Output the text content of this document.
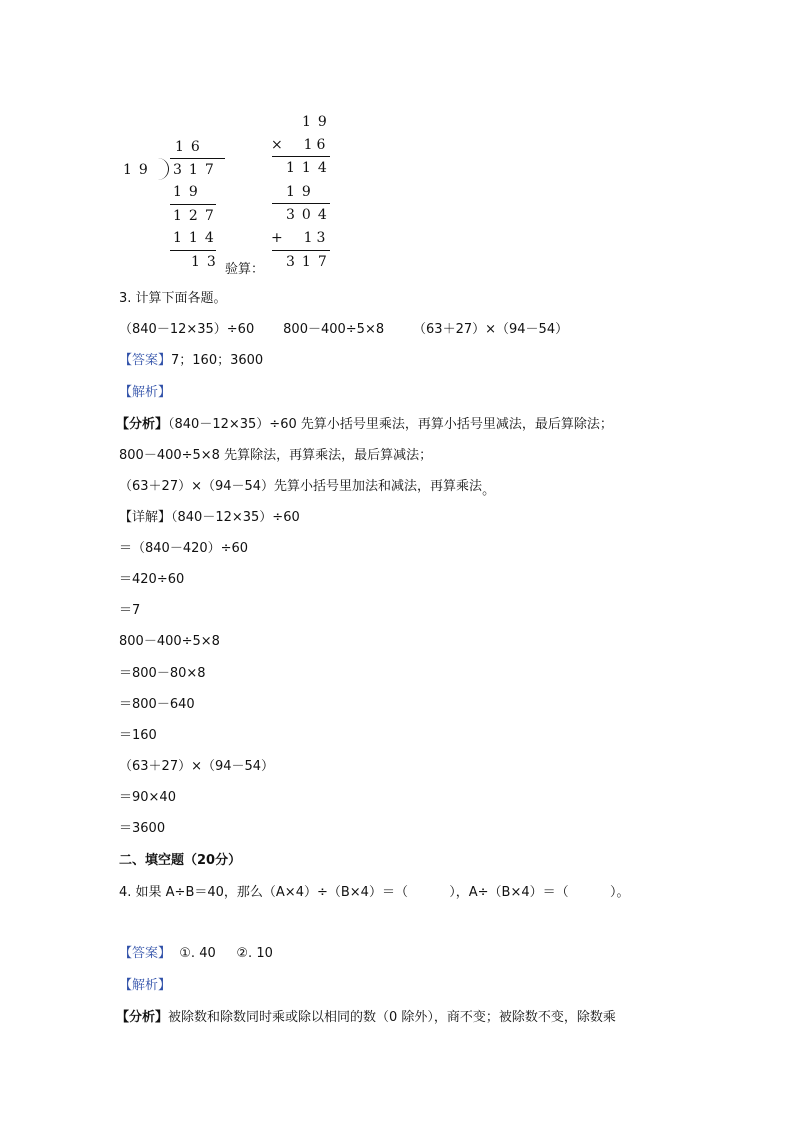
16
19 317
19
127
114
13 验算：
19
×  16
114
19
304
+  13
317
3. 计算下面各题。
（840－12×35）÷60       800－400÷5×8       （63＋27）×（94－54）
【答案】7；160；3600
【解析】
【分析】（840－12×35）÷60 先算小括号里乘法，再算小括号里减法，最后算除法；
800－400÷5×8 先算除法，再算乘法，最后算减法；
（63＋27）×（94－54）先算小括号里加法和减法，再算乘法。
【详解】（840－12×35）÷60
＝（840－420）÷60
＝420÷60
＝7
800－400÷5×8
＝800－80×8
＝800－640
＝160
（63＋27）×（94－54）
＝90×40
＝3600
二、填空题（20分）
4. 如果 A÷B＝40，那么（A×4）÷（B×4）＝（          ），A÷（B×4）＝（          ）。
【答案】  ①. 40     ②. 10
【解析】
【分析】被除数和除数同时乘或除以相同的数（0 除外），商不变；被除数不变，除数乘
